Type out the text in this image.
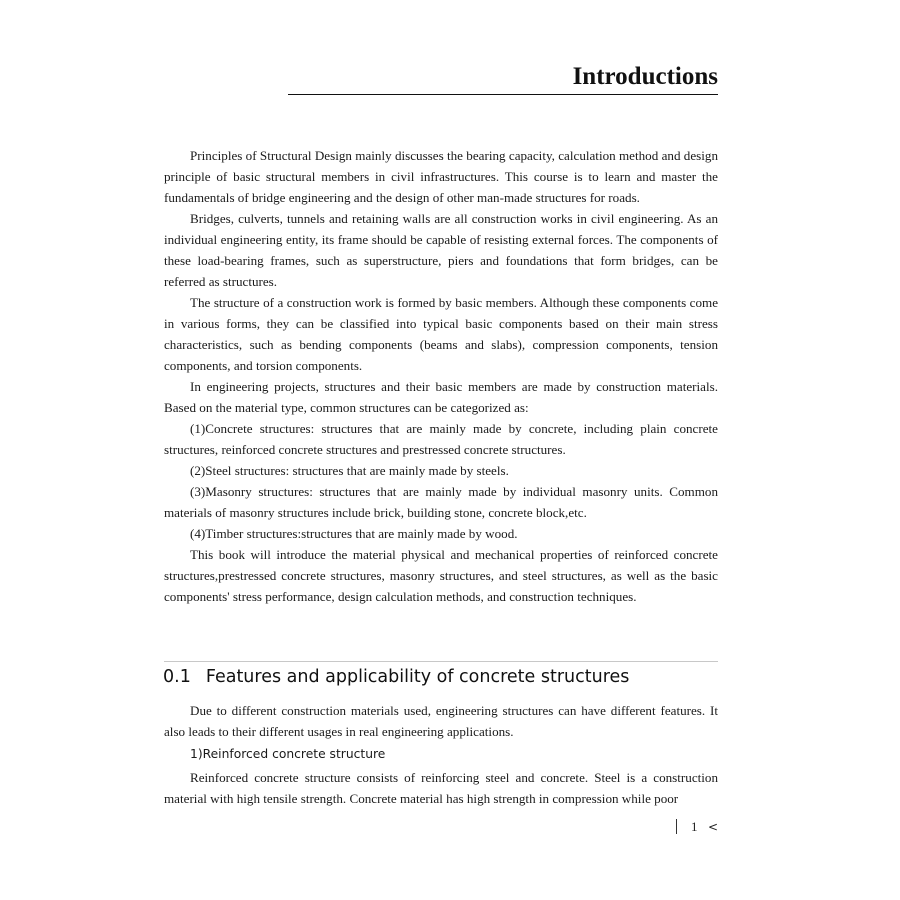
Introductions

Principles of Structural Design mainly discusses the bearing capacity, calculation method and design principle of basic structural members in civil infrastructures. This course is to learn and master the fundamentals of bridge engineering and the design of other man-made structures for roads.

Bridges, culverts, tunnels and retaining walls are all construction works in civil engineering. As an individual engineering entity, its frame should be capable of resisting external forces. The components of these load-bearing frames, such as superstructure, piers and foundations that form bridges, can be referred as structures.

The structure of a construction work is formed by basic members. Although these components come in various forms, they can be classified into typical basic components based on their main stress characteristics, such as bending components (beams and slabs), compression components, tension components, and torsion components.

In engineering projects, structures and their basic members are made by construction materials. Based on the material type, common structures can be categorized as:

(1)Concrete structures: structures that are mainly made by concrete, including plain concrete structures, reinforced concrete structures and prestressed concrete structures.

(2)Steel structures: structures that are mainly made by steels.

(3)Masonry structures: structures that are mainly made by individual masonry units. Common materials of masonry structures include brick, building stone, concrete block,etc.

(4)Timber structures:structures that are mainly made by wood.

This book will introduce the material physical and mechanical properties of reinforced concrete structures,prestressed concrete structures, masonry structures, and steel structures, as well as the basic components' stress performance, design calculation methods, and construction techniques.

0.1 Features and applicability of concrete structures

Due to different construction materials used, engineering structures can have different features. It also leads to their different usages in real engineering applications.

1)Reinforced concrete structure

Reinforced concrete structure consists of reinforcing steel and concrete. Steel is a construction material with high tensile strength. Concrete material has high strength in compression while poor

1 <
